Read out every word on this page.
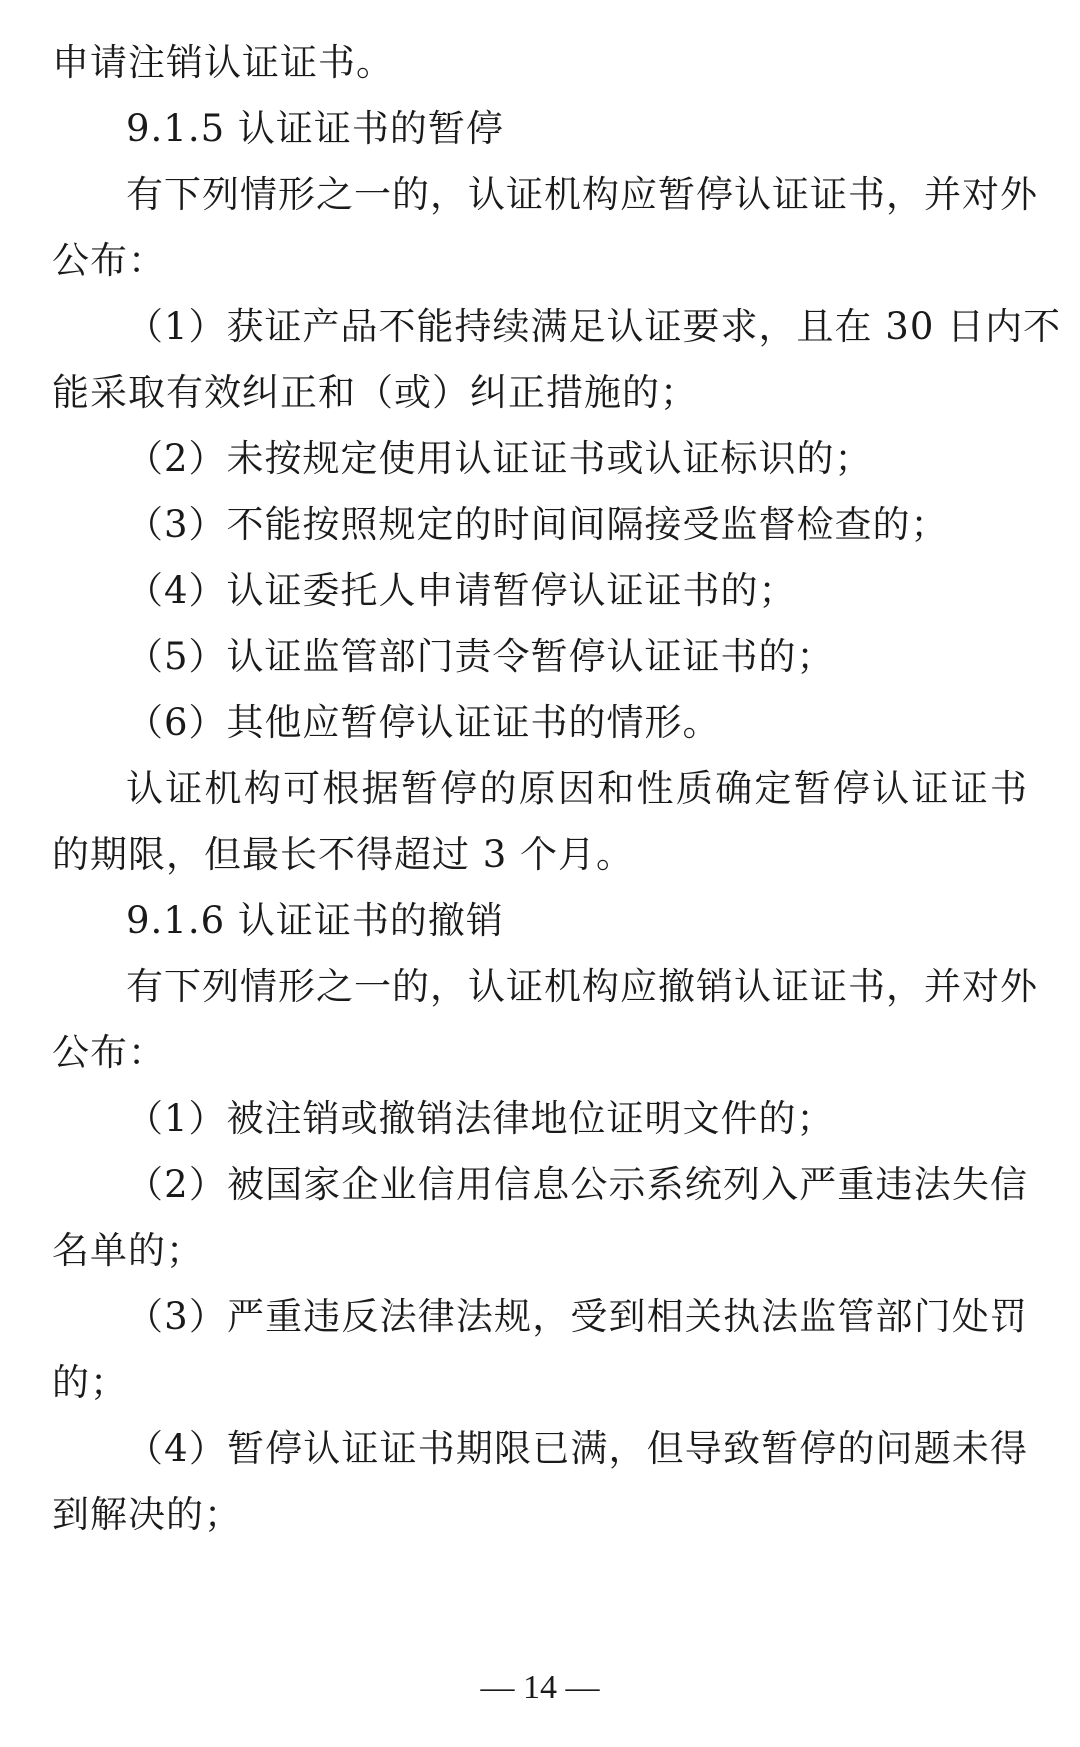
申请注销认证证书。
9.1.5 认证证书的暂停
有下列情形之一的，认证机构应暂停认证证书，并对外
公布：
（1）获证产品不能持续满足认证要求，且在 30 日内不
能采取有效纠正和（或）纠正措施的；
（2）未按规定使用认证证书或认证标识的；
（3）不能按照规定的时间间隔接受监督检查的；
（4）认证委托人申请暂停认证证书的；
（5）认证监管部门责令暂停认证证书的；
（6）其他应暂停认证证书的情形。
认证机构可根据暂停的原因和性质确定暂停认证证书
的期限，但最长不得超过 3 个月。
9.1.6 认证证书的撤销
有下列情形之一的，认证机构应撤销认证证书，并对外
公布：
（1）被注销或撤销法律地位证明文件的；
（2）被国家企业信用信息公示系统列入严重违法失信
名单的；
（3）严重违反法律法规，受到相关执法监管部门处罚
的；
（4）暂停认证证书期限已满，但导致暂停的问题未得
到解决的；
— 14 —
